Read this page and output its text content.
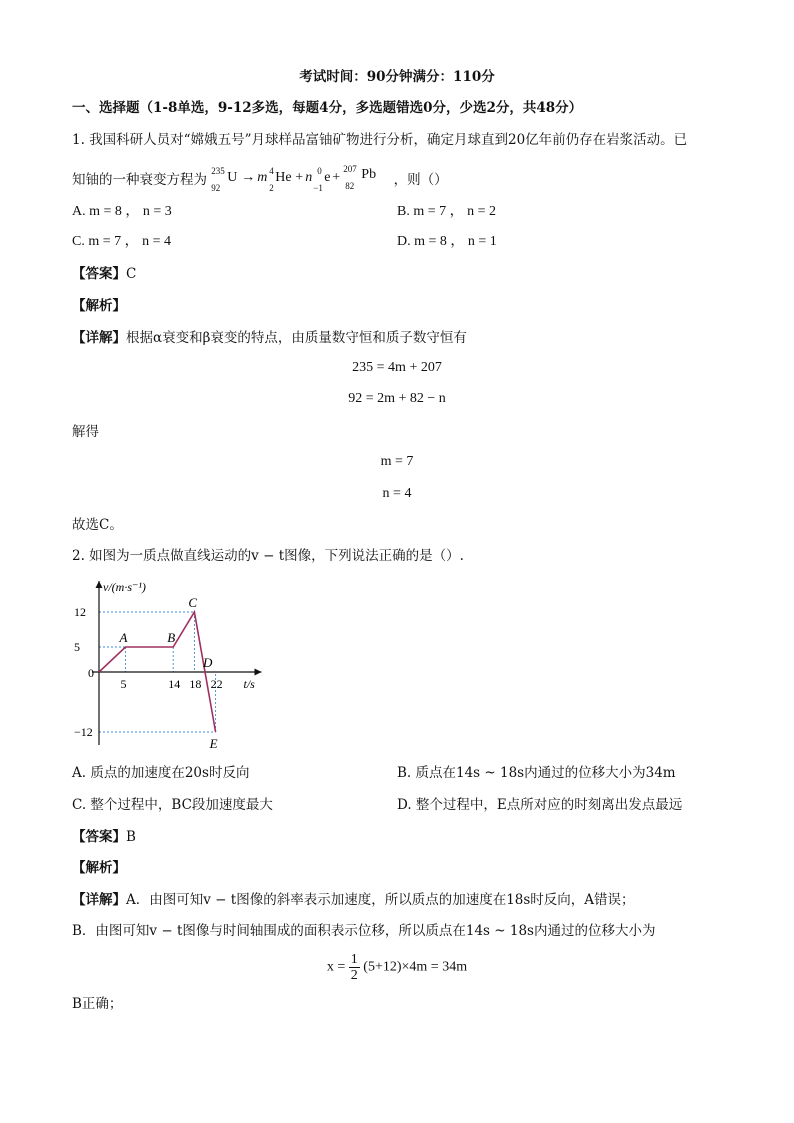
考试时间：90分钟满分：110分
一、选择题（1-8单选，9-12多选，每题4分，多选题错选0分，少选2分，共48分）
1. 我国科研人员对“嫦娥五号”月球样品富铀矿物进行分析，确定月球直到20亿年前仍存在岩浆活动。已
知铀的一种衰变方程为
235
92
U → m 4
2
He + n 0
−1
e +
207
82
Pb ，则（）
A. m = 8 ， n = 3	B. m = 7 ， n = 2
C. m = 7 ， n = 4	D. m = 8 ， n = 1
【答案】C
【解析】
【详解】根据α衰变和β衰变的特点，由质量数守恒和质子数守恒有
235 = 4m + 207
92 = 2m + 82 − n
解得
m = 7
n = 4
故选C。
2. 如图为一质点做直线运动的v − t图像，下列说法正确的是（）.
A	B
C
D
E
5	14 18 22
12
5
−12
v/(m·s⁻¹)
t/s
0
A. 质点的加速度在20s时反向	B. 质点在14s ~ 18s内通过的位移大小为34m
C. 整个过程中，BC段加速度最大	D. 整个过程中，E点所对应的时刻离出发点最远
【答案】B
【解析】
【详解】A．由图可知v − t图像的斜率表示加速度，所以质点的加速度在18s时反向，A错误；
B．由图可知v − t图像与时间轴围成的面积表示位移，所以质点在14s ~ 18s内通过的位移大小为
$x = \frac{1}{2} (5+12)\times 4m = 34m$
B正确；
